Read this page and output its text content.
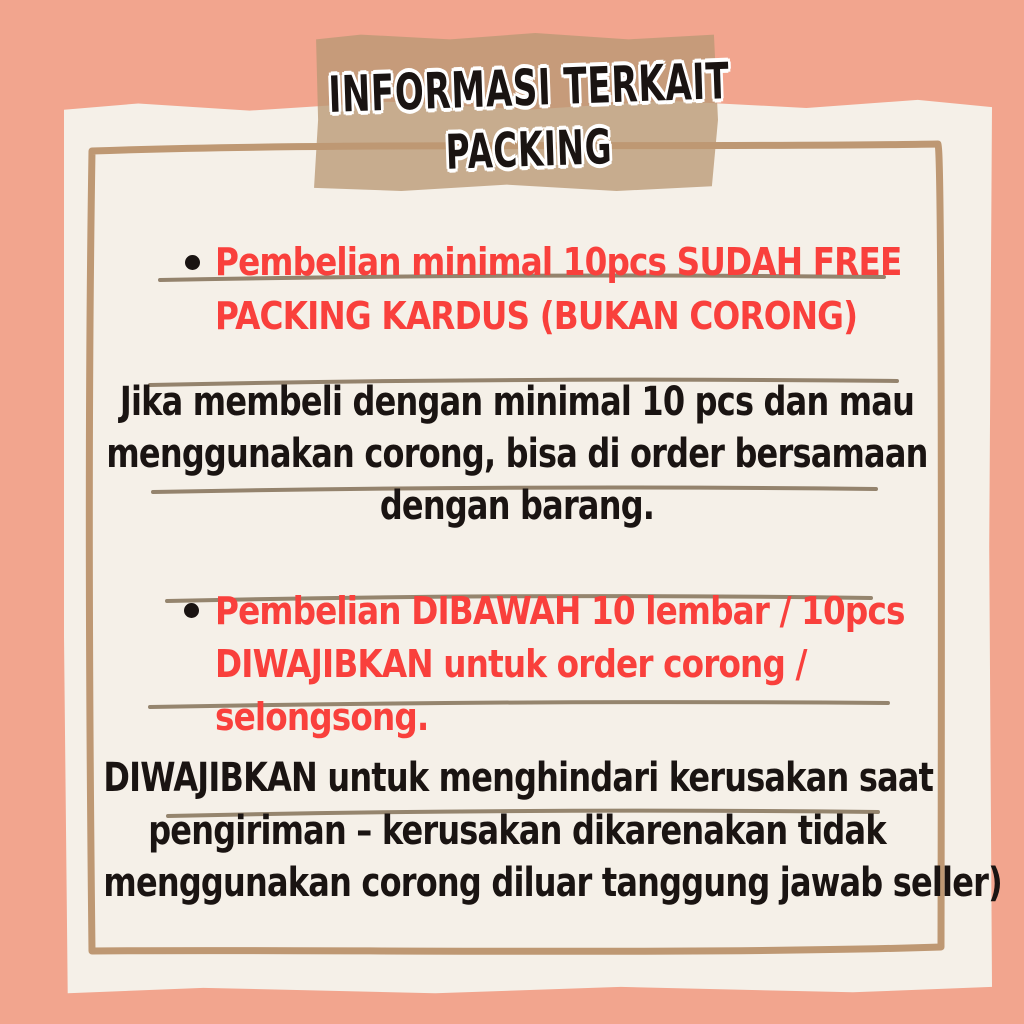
INFORMASI TERKAIT
PACKING
Pembelian minimal 10pcs SUDAH FREE
PACKING KARDUS (BUKAN CORONG)
Jika membeli dengan minimal 10 pcs dan mau
menggunakan corong, bisa di order bersamaan
dengan barang.
Pembelian DIBAWAH 10 lembar / 10pcs
DIWAJIBKAN untuk order corong /
selongsong.
DIWAJIBKAN untuk menghindari kerusakan saat
pengiriman – kerusakan dikarenakan tidak
menggunakan corong diluar tanggung jawab seller)
